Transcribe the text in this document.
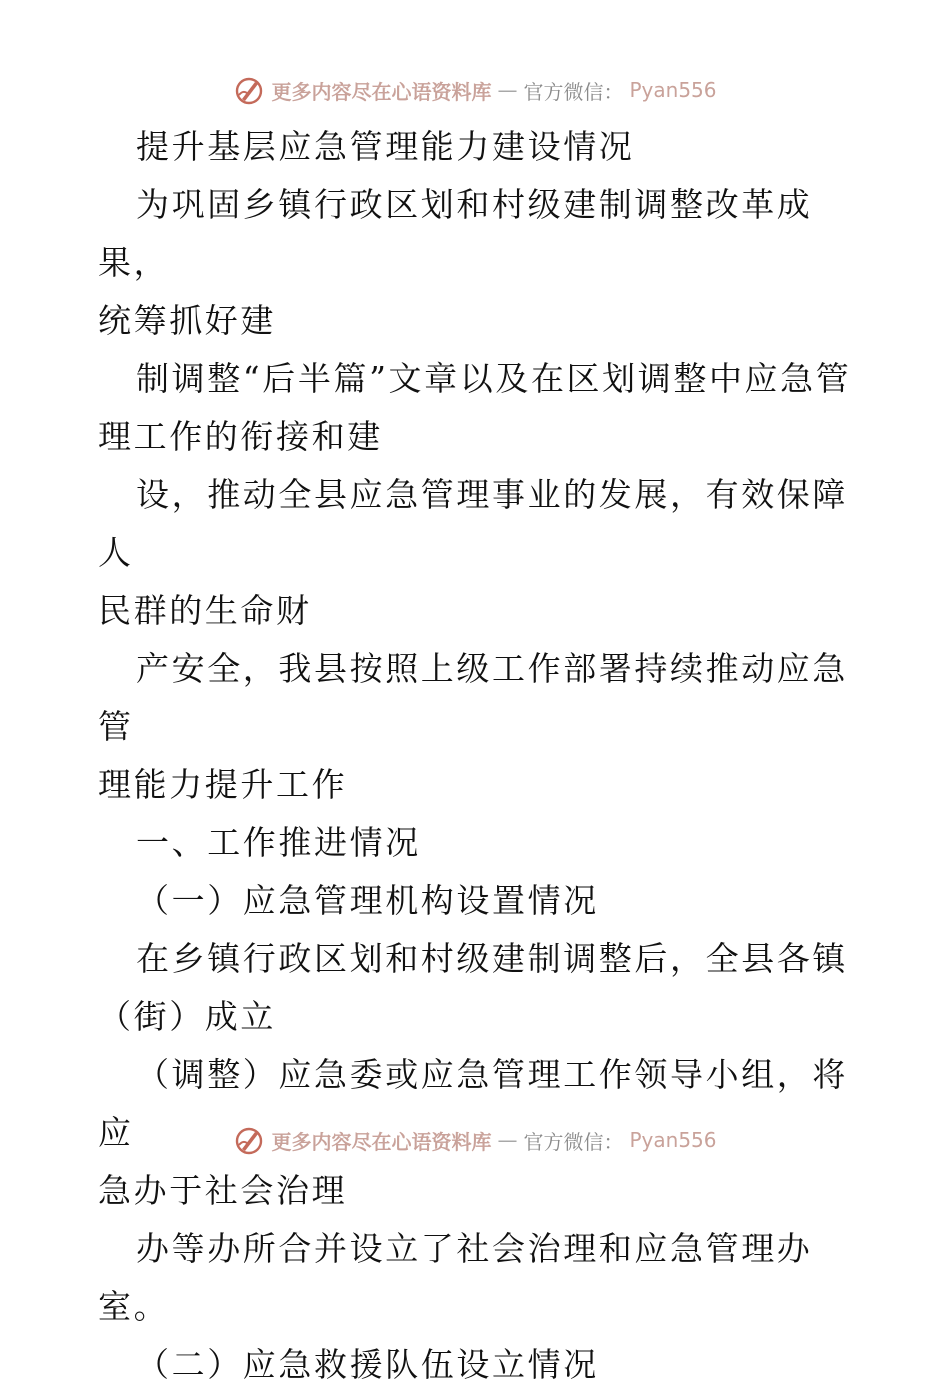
更多内容尽在心语资料库 — 官方微信： Pyan556

提升基层应急管理能力建设情况

为巩固乡镇行政区划和村级建制调整改革成果，

统筹抓好建

制调整“后半篇”文章以及在区划调整中应急管

理工作的衔接和建

设，推动全县应急管理事业的发展，有效保障人

民群的生命财

产安全，我县按照上级工作部署持续推动应急管

理能力提升工作

一、工作推进情况

（一）应急管理机构设置情况

在乡镇行政区划和村级建制调整后，全县各镇

（街）成立

（调整）应急委或应急管理工作领导小组，将应

急办于社会治理

办等办所合并设立了社会治理和应急管理办室。

（二）应急救援队伍设立情况

更多内容尽在心语资料库 — 官方微信： Pyan556
